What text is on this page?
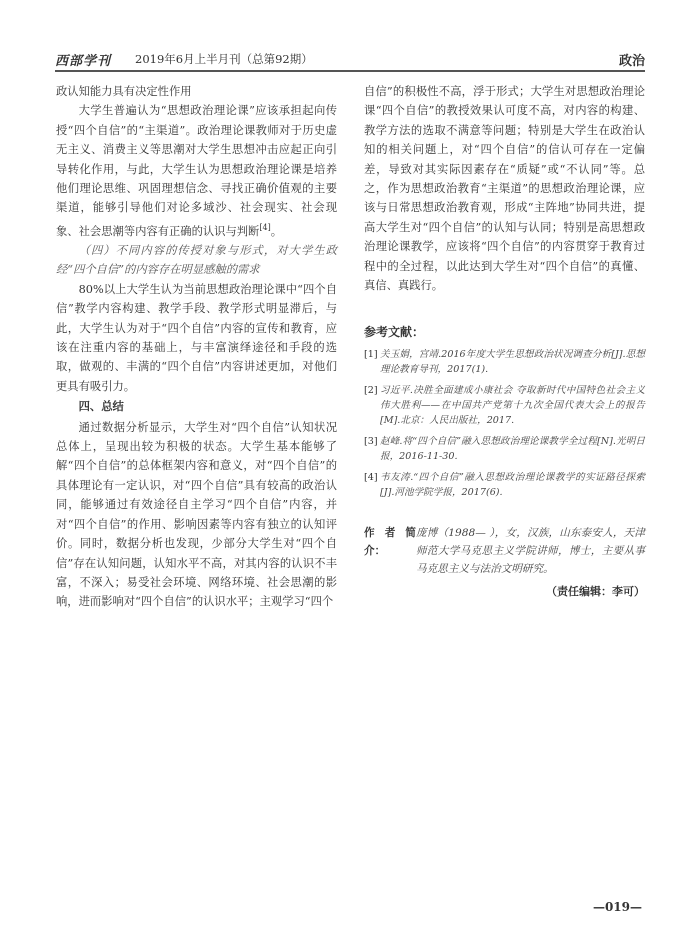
西部学刊 2019年6月上半月刊（总第92期）	政治

政认知能力具有决定性作用

大学生普遍认为“思想政治理论课”应该承担起向传授“四个自信”的“主渠道”。政治理论课教师对于历史虚无主义、消费主义等思潮对大学生思想冲击应起正向引导转化作用，与此，大学生认为思想政治理论课是培养他们理论思维、巩固理想信念、寻找正确价值观的主要渠道，能够引导他们对论多域沙、社会现实、社会现象、社会思潮等内容有正确的认识与判断[4]。

（四）不同内容的传授对象与形式，对大学生政经“四个自信”的内容存在明显感触的需求

80%以上大学生认为当前思想政治理论课中“四个自信”教学内容构建、教学手段、教学形式明显滞后，与此，大学生认为对于“四个自信”内容的宣传和教育，应该在注重内容的基础上，与丰富演绎途径和手段的选取，做观的、丰满的“四个自信”内容讲述更加，对他们更具有吸引力。

四、总结

通过数据分析显示，大学生对“四个自信”认知状况总体上，呈现出较为积极的状态。大学生基本能够了解“四个自信”的总体框架内容和意义，对“四个自信”的具体理论有一定认识，对“四个自信”具有较高的政治认同，能够通过有效途径自主学习“四个自信”内容，并对“四个自信”的作用、影响因素等内容有独立的认知评价。同时，数据分析也发现，少部分大学生对“四个自信”存在认知问题，认知水平不高，对其内容的认识不丰富，不深入；易受社会环境、网络环境、社会思潮的影响，进而影响对“四个自信”的认识水平；主观学习“四个

自信”的积极性不高，浮于形式；大学生对思想政治理论课“四个自信”的教授效果认可度不高，对内容的构建、教学方法的选取不满意等问题；特别是大学生在政治认知的相关问题上，对“四个自信”的信认可存在一定偏差，导致对其实际因素存在“质疑”或“不认同”等。总之，作为思想政治教育“主渠道”的思想政治理论课，应该与日常思想政治教育观，形成“主阵地”协同共进，提高大学生对“四个自信”的认知与认同；特别是高思想政治理论课教学，应该将“四个自信”的内容贯穿于教育过程中的全过程，以此达到大学生对“四个自信”的真懂、真信、真践行。

参考文献：
[1] 关玉娟，宫靖.2016年度大学生思想政治状况调查分析[J].思想理论教育导刊，2017(1).
[2] 习近平.决胜全面建成小康社会 夺取新时代中国特色社会主义伟大胜利——在中国共产党第十九次全国代表大会上的报告[M].北京：人民出版社，2017.
[3] 赵峰.将“四个自信”融入思想政治理论课教学全过程[N].光明日报，2016-11-30.
[4] 韦友涛.“四个自信”融入思想政治理论课教学的实证路径探索[J].河池学院学报，2017(6).
作者简介：
庞博（1988— ），女，汉族，山东泰安人，天津师范大学马克思主义学院讲师，博士，主要从事马克思主义与法治文明研究。
（责任编辑：李可）
—019—
